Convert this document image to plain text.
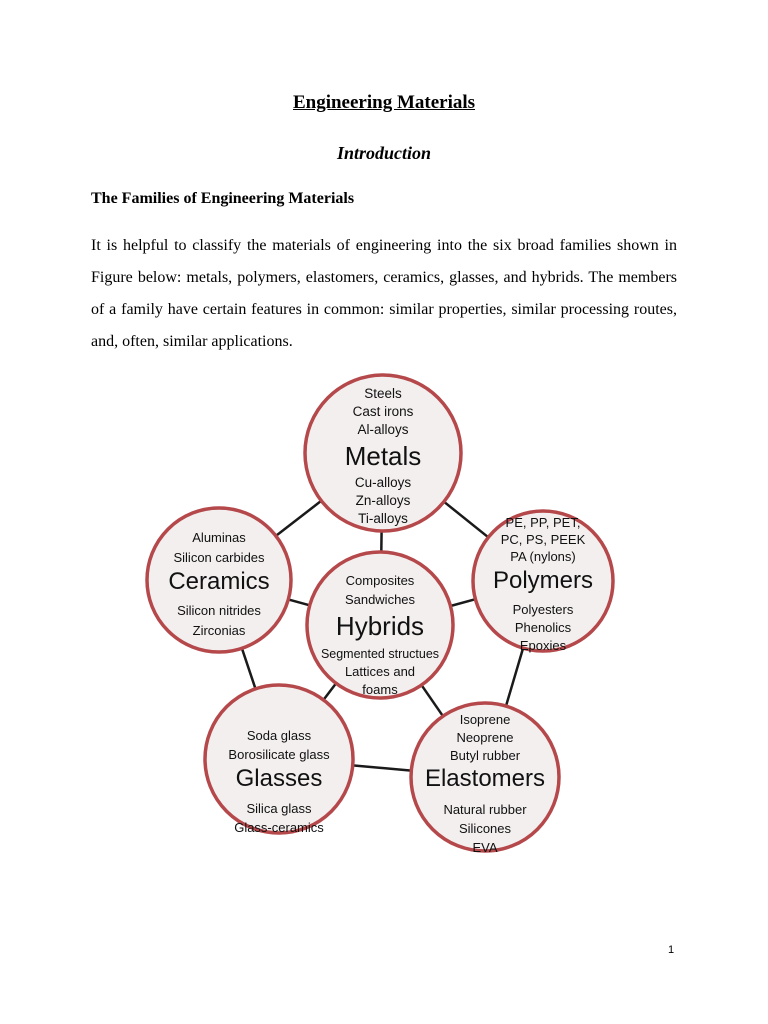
Engineering Materials
Introduction
The Families of Engineering Materials

It is helpful to classify the materials of engineering into the six broad families shown in Figure below: metals, polymers, elastomers, ceramics, glasses, and hybrids. The members of a family have certain features in common: similar properties, similar processing routes, and, often, similar applications.

Steels
Cast irons
Al-alloys
Metals
Cu-alloys
Zn-alloys
Ti-alloys	PE, PP, PET,
PC, PS, PEEK
PA (nylons)
Polymers
Polyesters
Phenolics
Epoxies
Aluminas
Silicon carbides
Ceramics
Silicon nitrides
Zirconias
Composites
Sandwiches
Hybrids
Segmented structues
Lattices and
foams
Soda glass
Borosilicate glass
Glasses
Silica glass
Glass-ceramics
Isoprene
Neoprene
Butyl rubber
Elastomers
Natural rubber
Silicones
EVA

1
